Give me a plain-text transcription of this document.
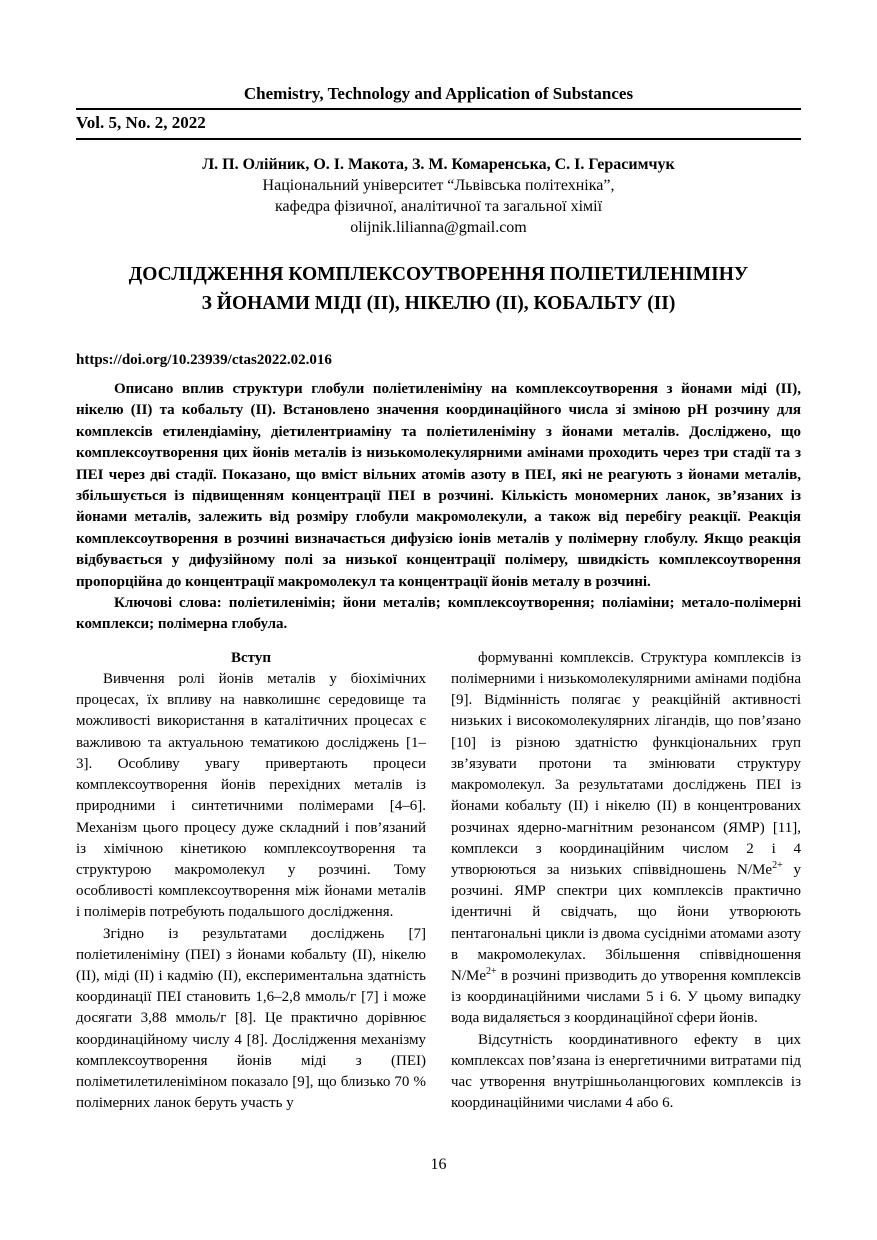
Chemistry, Technology and Application of Substances
Vol. 5, No. 2, 2022
Л. П. Олійник, О. І. Макота, З. М. Комаренська, С. І. Герасимчук
Національний університет “Львівська політехніка”,
кафедра фізичної, аналітичної та загальної хімії
olijnik.lilianna@gmail.com
ДОСЛІДЖЕННЯ КОМПЛЕКСОУТВОРЕННЯ ПОЛІЕТИЛЕНІМІНУ
З ЙОНАМИ МІДІ (ІІ), НІКЕЛЮ (ІІ), КОБАЛЬТУ (ІІ)
https://doi.org/10.23939/ctas2022.02.016

Описано вплив структури глобули поліетиленіміну на комплексоутворення з йонами міді (ІІ), нікелю (ІІ) та кобальту (ІІ). Встановлено значення координаційного числа зі зміною pH розчину для комплексів етилендіаміну, діетилентриаміну та поліетиленіміну з йонами металів. Досліджено, що комплексоутворення цих йонів металів із низькомолекулярними амінами проходить через три стадії та з ПЕІ через дві стадії. Показано, що вміст вільних атомів азоту в ПЕІ, які не реагують з йонами металів, збільшується із підвищенням концентрації ПЕІ в розчині. Кількість мономерних ланок, зв’язаних із йонами металів, залежить від розміру глобули макромолекули, а також від перебігу реакції. Реакція комплексоутворення в розчині визначається дифузією іонів металів у полімерну глобулу. Якщо реакція відбувається у дифузійному полі за низької концентрації полімеру, швидкість комплексоутворення пропорційна до концентрації макромолекул та концентрації йонів металу в розчині.

Ключові слова: поліетиленімін; йони металів; комплексоутворення; поліаміни; метало-полімерні комплекси; полімерна глобула.

Вступ

Вивчення ролі йонів металів у біохімічних процесах, їх впливу на навколишнє середовище та можливості використання в каталітичних процесах є важливою та актуальною тематикою досліджень [1–3]. Особливу увагу привертають процеси комплексоутворення йонів перехідних металів із природними і синтетичними полімерами [4–6]. Механізм цього процесу дуже складний і пов’язаний із хімічною кінетикою комплексоутворення та структурою макромолекул у розчині. Тому особливості комплексоутворення між йонами металів і полімерів потребують подальшого дослідження.

Згідно із результатами досліджень [7] поліетиленіміну (ПЕІ) з йонами кобальту (ІІ), нікелю (ІІ), міді (ІІ) і кадмію (ІІ), експериментальна здатність координації ПЕІ становить 1,6–2,8 ммоль/г [7] і може досягати 3,88 ммоль/г [8]. Це практично дорівнює координаційному числу 4 [8]. Дослідження механізму комплексоутворення йонів міді з (ПЕІ) поліметилетиленіміном показало [9], що близько 70 % полімерних ланок беруть участь у

формуванні комплексів. Структура комплексів із полімерними і низькомолекулярними амінами подібна [9]. Відмінність полягає у реакційній активності низьких і високомолекулярних лігандів, що пов’язано [10] із різною здатністю функціональних груп зв’язувати протони та змінювати структуру макромолекул. За результатами досліджень ПЕІ із йонами кобальту (ІІ) і нікелю (ІІ) в концентрованих розчинах ядерно-магнітним резонансом (ЯМР) [11], комплекси з координаційним числом 2 і 4 утворюються за низьких співвідношень $N/Me^{2+}$ у розчині. ЯМР спектри цих комплексів практично ідентичні й свідчать, що йони утворюють пентагональні цикли із двома сусідніми атомами азоту в макромолекулах. Збільшення співвідношення $N/Me^{2+}$ в розчині призводить до утворення комплексів із координаційними числами 5 і 6. У цьому випадку вода видаляється з координаційної сфери йонів.

Відсутність координативного ефекту в цих комплексах пов’язана із енергетичними витратами під час утворення внутрішньоланцюгових комплексів із координаційними числами 4 або 6.

16
